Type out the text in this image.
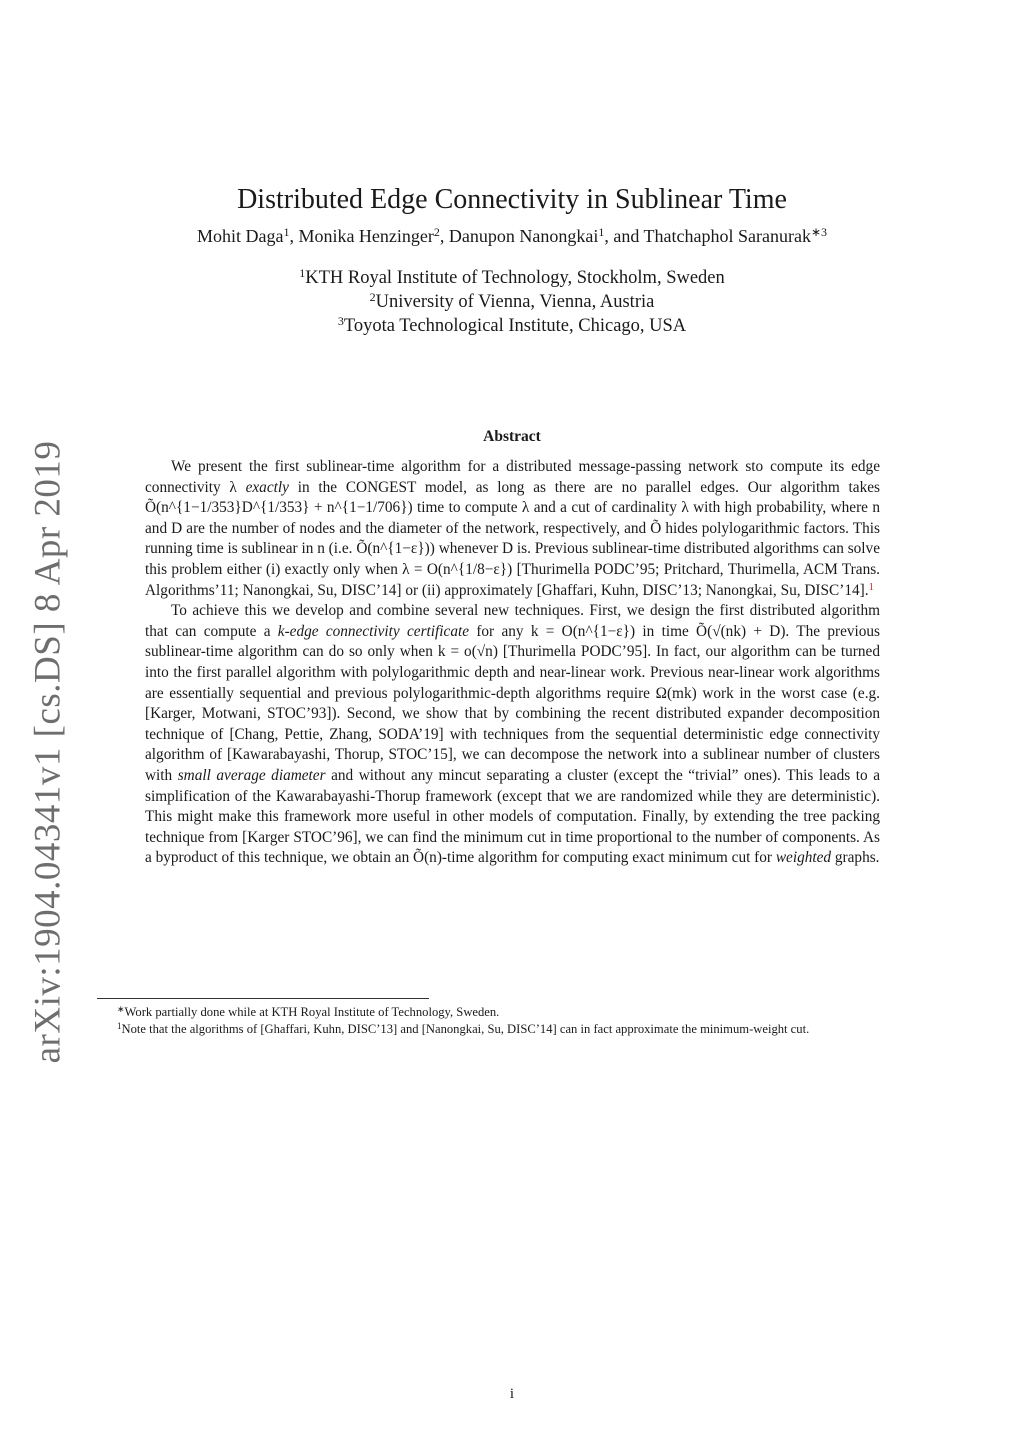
arXiv:1904.04341v1 [cs.DS] 8 Apr 2019
Distributed Edge Connectivity in Sublinear Time
Mohit Daga$^1$, Monika Henzinger$^2$, Danupon Nanongkai$^1$, and Thatchaphol Saranurak$^{∗3}$
$^1$KTH Royal Institute of Technology, Stockholm, Sweden
$^2$University of Vienna, Vienna, Austria
$^3$Toyota Technological Institute, Chicago, USA
Abstract

We present the first sublinear-time algorithm for a distributed message-passing network sto compute its edge connectivity λ exactly in the CONGEST model, as long as there are no parallel edges. Our algorithm takes Õ(n^{1−1/353}D^{1/353} + n^{1−1/706}) time to compute λ and a cut of cardinality λ with high probability, where n and D are the number of nodes and the diameter of the network, respectively, and Õ hides polylogarithmic factors. This running time is sublinear in n (i.e. Õ(n^{1−ε})) whenever D is. Previous sublinear-time distributed algorithms can solve this problem either (i) exactly only when λ = O(n^{1/8−ε}) [Thurimella PODC’95; Pritchard, Thurimella, ACM Trans. Algorithms’11; Nanongkai, Su, DISC’14] or (ii) approximately [Ghaffari, Kuhn, DISC’13; Nanongkai, Su, DISC’14].$^1$

To achieve this we develop and combine several new techniques. First, we design the first distributed algorithm that can compute a k-edge connectivity certificate for any k = O(n^{1−ε}) in time Õ(√(nk) + D). The previous sublinear-time algorithm can do so only when k = o(√n) [Thurimella PODC’95]. In fact, our algorithm can be turned into the first parallel algorithm with polylogarithmic depth and near-linear work. Previous near-linear work algorithms are essentially sequential and previous polylogarithmic-depth algorithms require Ω(mk) work in the worst case (e.g. [Karger, Motwani, STOC’93]). Second, we show that by combining the recent distributed expander decomposition technique of [Chang, Pettie, Zhang, SODA’19] with techniques from the sequential deterministic edge connectivity algorithm of [Kawarabayashi, Thorup, STOC’15], we can decompose the network into a sublinear number of clusters with small average diameter and without any mincut separating a cluster (except the “trivial” ones). This leads to a simplification of the Kawarabayashi-Thorup framework (except that we are randomized while they are deterministic). This might make this framework more useful in other models of computation. Finally, by extending the tree packing technique from [Karger STOC’96], we can find the minimum cut in time proportional to the number of components. As a byproduct of this technique, we obtain an Õ(n)-time algorithm for computing exact minimum cut for weighted graphs.

∗Work partially done while at KTH Royal Institute of Technology, Sweden.

$^1$Note that the algorithms of [Ghaffari, Kuhn, DISC’13] and [Nanongkai, Su, DISC’14] can in fact approximate the minimum-weight cut.

i
